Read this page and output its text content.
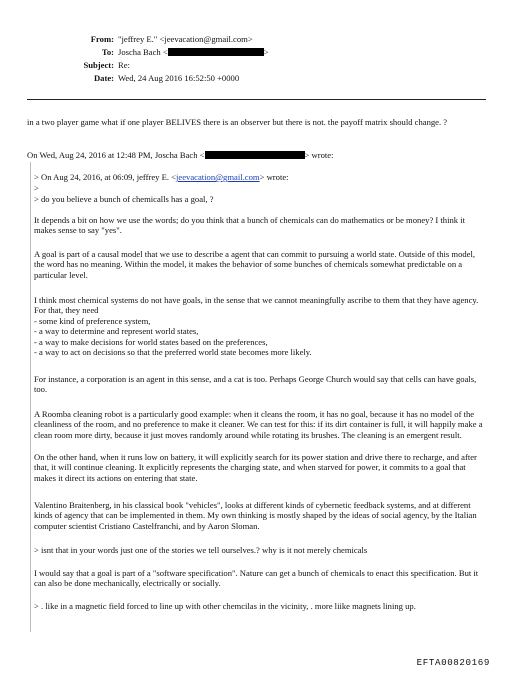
From: "jeffrey E." <jeevacation@gmail.com>
To: Joscha Bach <	>
Subject: Re:
Date: Wed, 24 Aug 2016 16:52:50 +0000

in a two player game what if one player BELIVES there is an observer but there is not. the payoff matrix should change. ?

On Wed, Aug 24, 2016 at 12:48 PM, Joscha Bach <	> wrote:

> On Aug 24, 2016, at 06:09, jeffrey E. <jeevacation@gmail.com> wrote:

>

> do you believe a bunch of chemicalls has a goal, ?

It depends a bit on how we use the words; do you think that a bunch of chemicals can do mathematics or be money? I think it makes sense to say "yes".

A goal is part of a causal model that we use to describe a agent that can commit to pursuing a world state. Outside of this model, the word has no meaning. Within the model, it makes the behavior of some bunches of chemicals somewhat predictable on a particular level.

I think most chemical systems do not have goals, in the sense that we cannot meaningfully ascribe to them that they have agency. For that, they need
- some kind of preference system,
- a way to determine and represent world states,
- a way to make decisions for world states based on the preferences,
- a way to act on decisions so that the preferred world state becomes more likely.

For instance, a corporation is an agent in this sense, and a cat is too. Perhaps George Church would say that cells can have goals, too.

A Roomba cleaning robot is a particularly good example: when it cleans the room, it has no goal, because it has no model of the cleanliness of the room, and no preference to make it cleaner. We can test for this: if its dirt container is full, it will happily make a clean room more dirty, because it just moves randomly around while rotating its brushes. The cleaning is an emergent result.

On the other hand, when it runs low on battery, it will explicitly search for its power station and drive there to recharge, and after that, it will continue cleaning. It explicitly represents the charging state, and when starved for power, it commits to a goal that makes it direct its actions on entering that state.

Valentino Braitenberg, in his classical book "vehicles", looks at different kinds of cybernetic feedback systems, and at different kinds of agency that can be implemented in them. My own thinking is mostly shaped by the ideas of social agency, by the Italian computer scientist Cristiano Castelfranchi, and by Aaron Sloman.

> isnt that in your words just one of the stories we tell ourselves.? why is it not merely chemicals

I would say that a goal is part of a "software specification". Nature can get a bunch of chemicals to enact this specification. But it can also be done mechanically, electrically or socially.

> . like in a magnetic field forced to line up with other chemcilas in the vicinity, . more liike magnets lining up.

EFTA00820169
